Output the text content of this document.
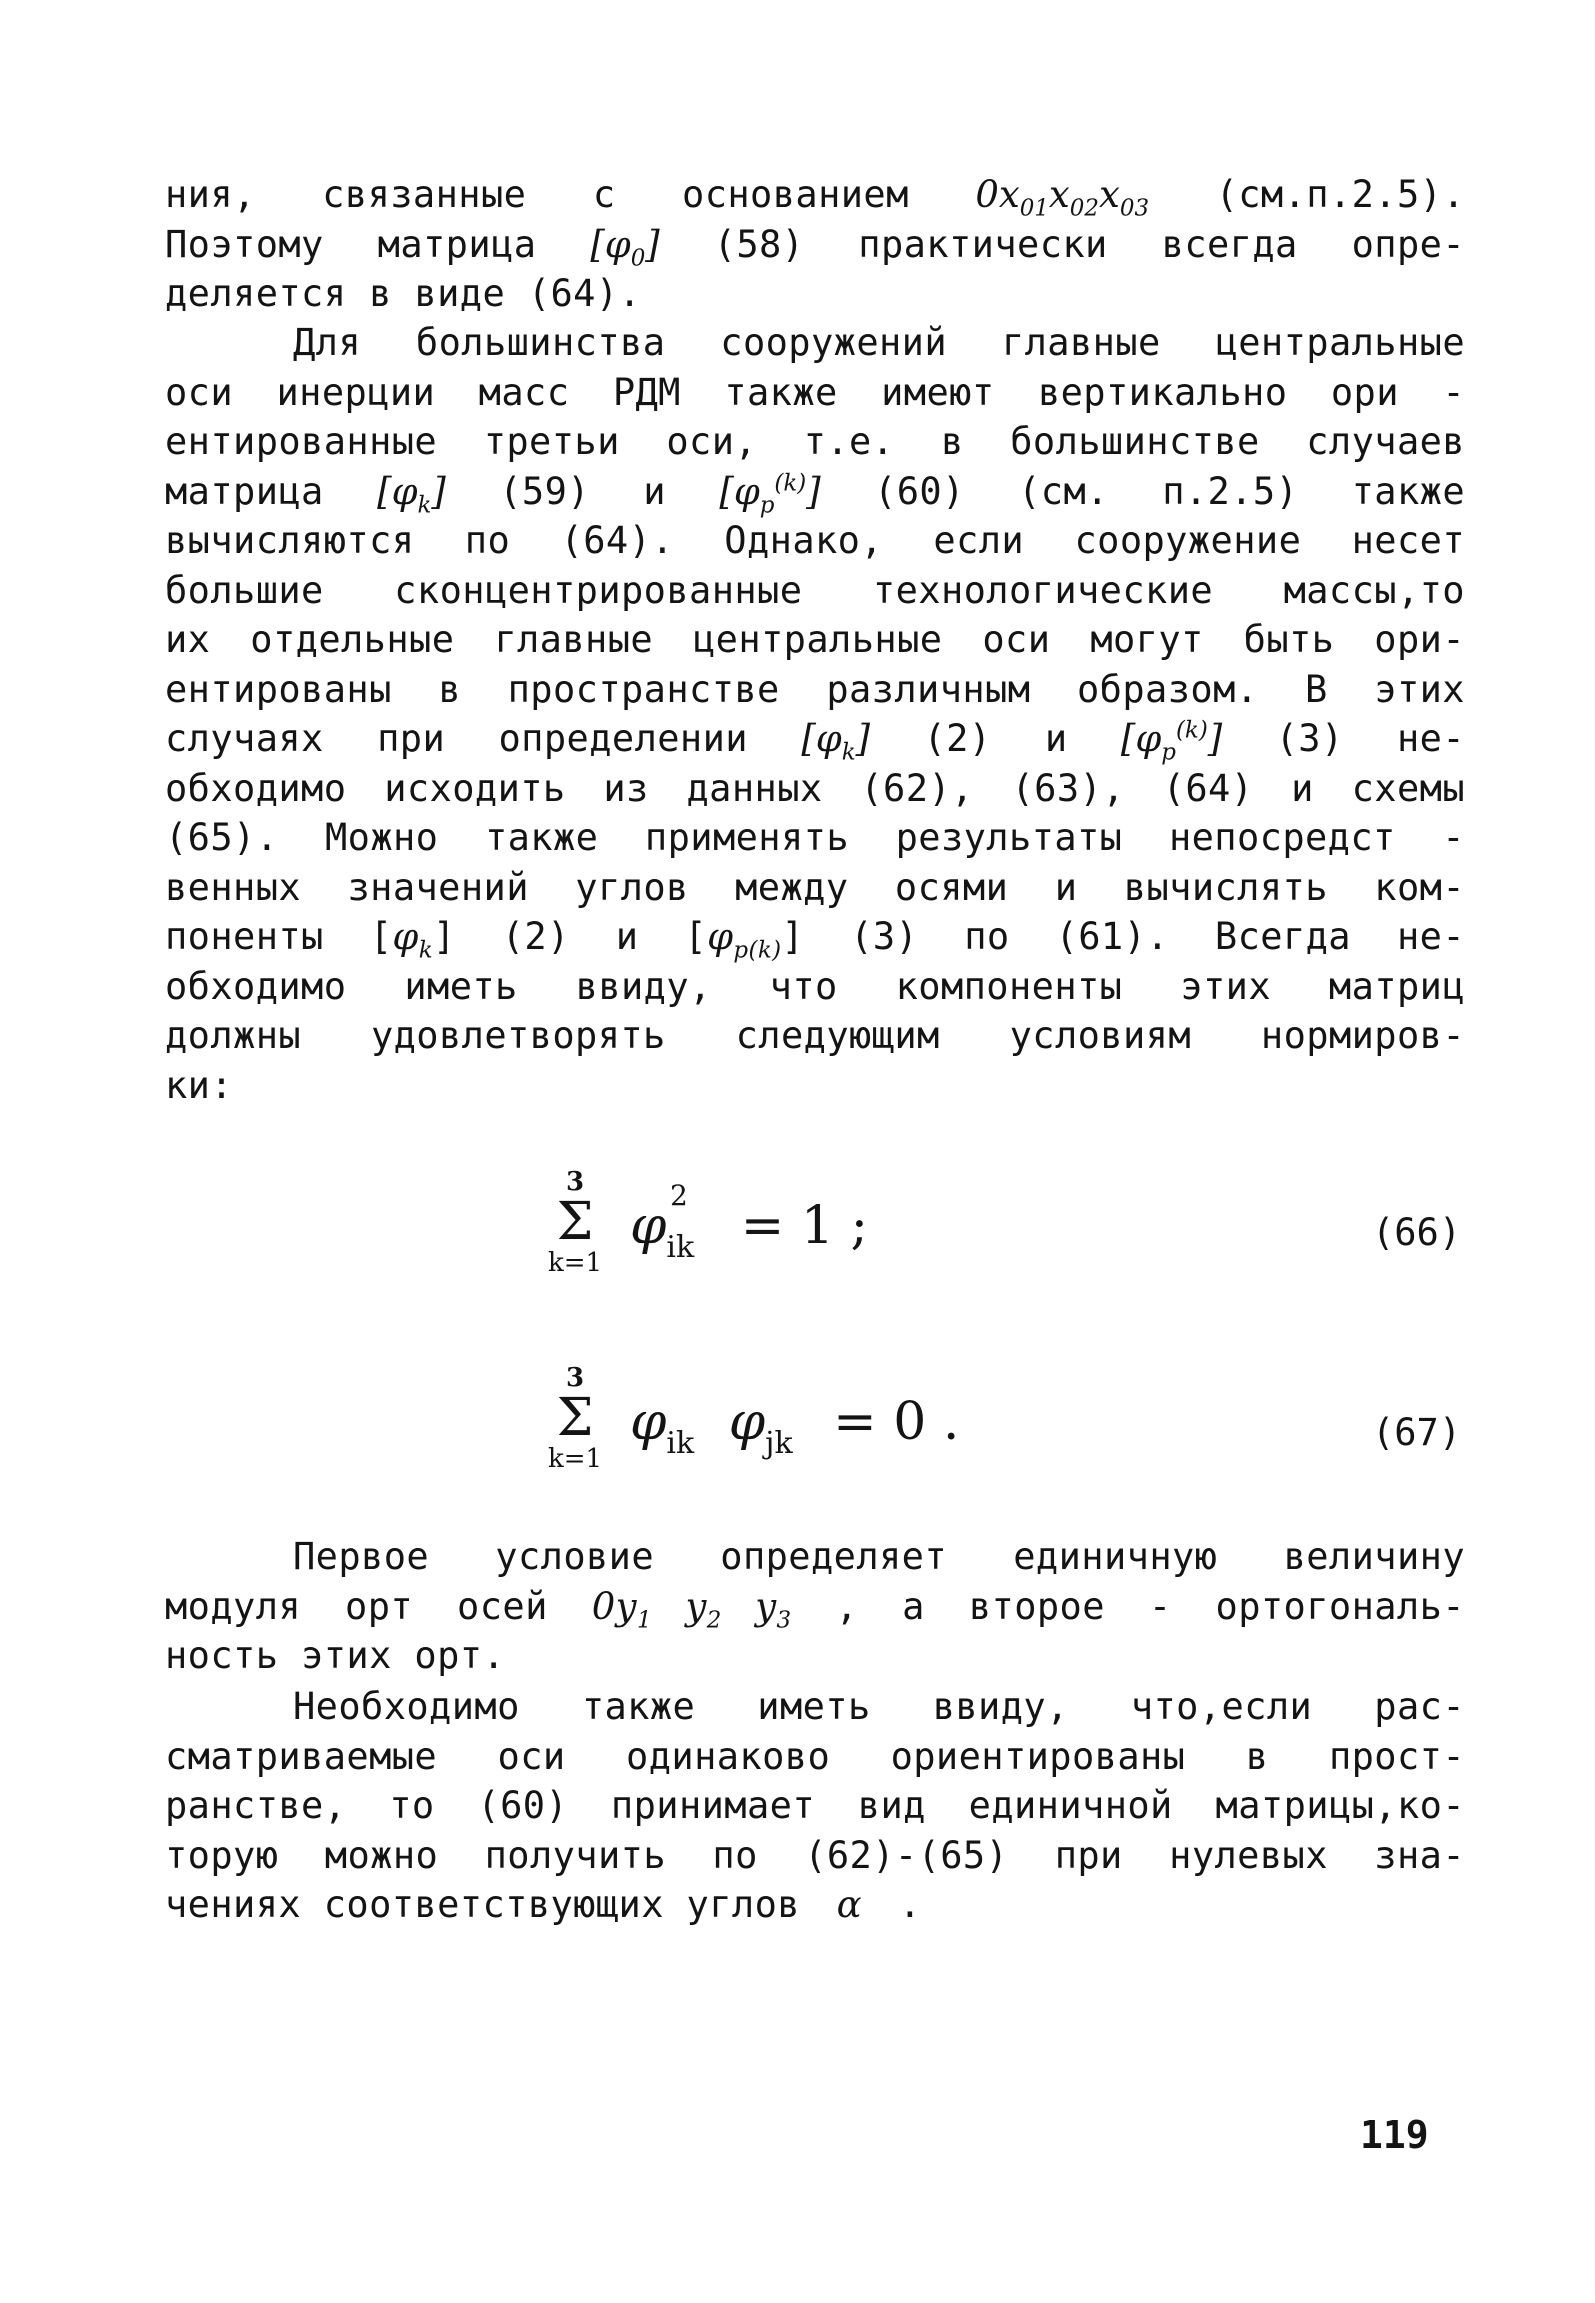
ния, связанные с основанием $0x_{01}x_{02}x_{03}$ (см.п.2.5).
Поэтому матрица $[\varphi_0]$ (58) практически всегда опре-
деляется в виде (64).
Для большинства сооружений главные центральные
оси инерции масс РДМ также имеют вертикально ори -
ентированные третьи оси, т.е. в большинстве случаев
матрица $[\varphi_k]$ (59) и $[\varphi_p^{(k)}]$ (60) (см. п.2.5) также
вычисляются по (64). Однако, если сооружение несет
большие сконцентрированные технологические массы,то
их отдельные главные центральные оси могут быть ори-
ентированы в пространстве различным образом. В этих
случаях при определении $[\varphi_k]$ (2) и $[\varphi_p^{(k)}]$ (3) не-
обходимо исходить из данных (62), (63), (64) и схемы
(65). Можно также применять результаты непосредст -
венных значений углов между осями и вычислять ком-
поненты $[\varphi_k]$ (2) и $[\varphi_{p(k)}]$ (3) по (61). Всегда не-
обходимо иметь ввиду, что компоненты этих матриц
должны удовлетворять следующим условиям нормиров-
ки:
3
Σ
k=1
φ
2
$_{ik}$ = 1 ;	(66)
3
Σ
k=1
$\varphi_{ik}$ $\varphi_{jk} = 0$ .	(67)
Первое условие определяет единичную величину
модуля орт осей $0y_1$ $y_2$ $y_3$ , а второе - ортогональ-
ность этих орт.
Необходимо также иметь ввиду, что,если рас-
сматриваемые оси одинаково ориентированы в прост-
ранстве, то (60) принимает вид единичной матрицы,ко-
торую можно получить по (62)-(65) при нулевых зна-
чениях соответствующих углов α .
119
